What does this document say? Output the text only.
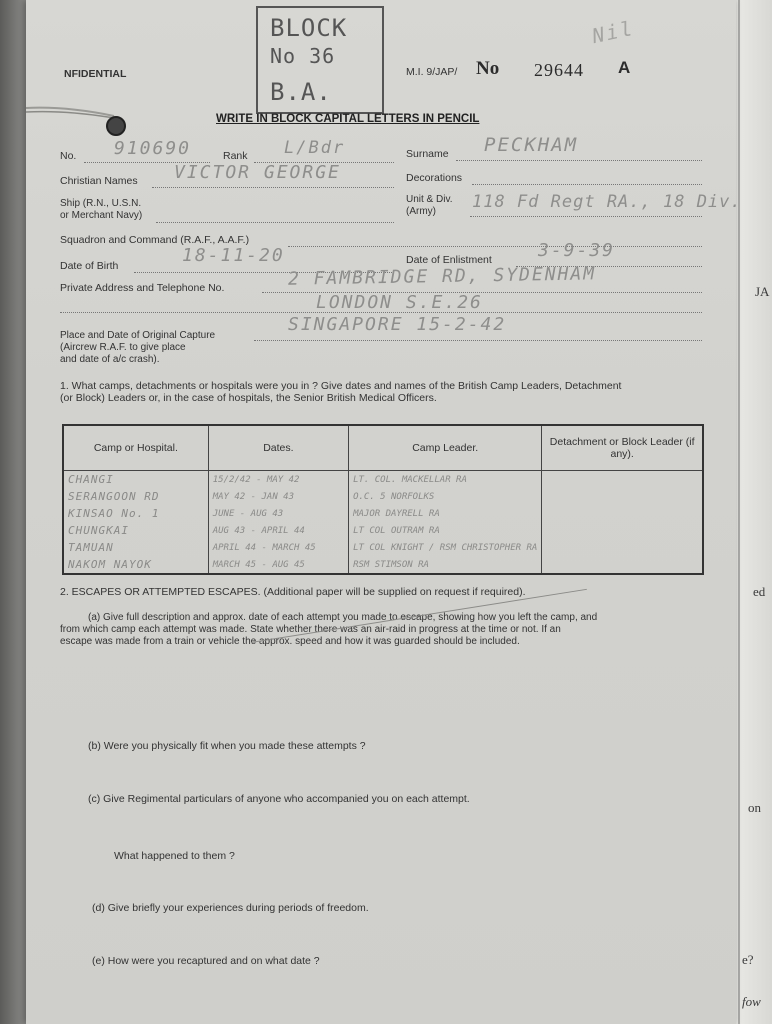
JA
ed
on
e?
fow
NFIDENTIAL
BLOCK
No 36
B.A.
Nil
M.I. 9/JAP/ No 29644 A
WRITE IN BLOCK CAPITAL LETTERS IN PENCIL
No. 910690	Rank L/Bdr	Surname PECKHAM
Christian Names VICTOR GEORGE	Decorations
Ship (R.N., U.S.N.
or Merchant Navy)
Unit & Div.
(Army) 118 Fd Regt RA., 18 Div.
Squadron and Command (R.A.F., A.A.F.)
Date of Birth	18-11-20	Date of Enlistment	3-9-39
Private Address and Telephone No.	2 FAMBRIDGE RD, SYDENHAM
LONDON S.E.26
Place and Date of Original Capture
(Aircrew R.A.F. to give place
and date of a/c crash).
SINGAPORE 15-2-42
1. What camps, detachments or hospitals were you in ? Give dates and names of the British Camp Leaders, Detachment
(or Block) Leaders or, in the case of hospitals, the Senior British Medical Officers.
Camp or Hospital.	Dates.	Camp Leader.	Detachment or Block Leader (if any).
CHANGI	15/2/42 - MAY 42	LT. COL. MACKELLAR RA	
SERANGOON RD	MAY 42 - JAN 43	O.C. 5 NORFOLKS	
KINSAO No. 1	JUNE - AUG 43	MAJOR DAYRELL RA	
CHUNGKAI	AUG 43 - APRIL 44	LT COL OUTRAM RA	
TAMUAN	APRIL 44 - MARCH 45	LT COL KNIGHT / RSM CHRISTOPHER RA	
NAKOM NAYOK	MARCH 45 - AUG 45	RSM STIMSON RA	
2. ESCAPES OR ATTEMPTED ESCAPES. (Additional paper will be supplied on request if required).
(a) Give full description and approx. date of each attempt you made to escape, showing how you left the camp, and
from which camp each attempt was made. State whether there was an air-raid in progress at the time or not. If an
escape was made from a train or vehicle the approx. speed and how it was guarded should be included.
(b) Were you physically fit when you made these attempts ?
(c) Give Regimental particulars of anyone who accompanied you on each attempt.
What happened to them ?
(d) Give briefly your experiences during periods of freedom.
(e) How were you recaptured and on what date ?
